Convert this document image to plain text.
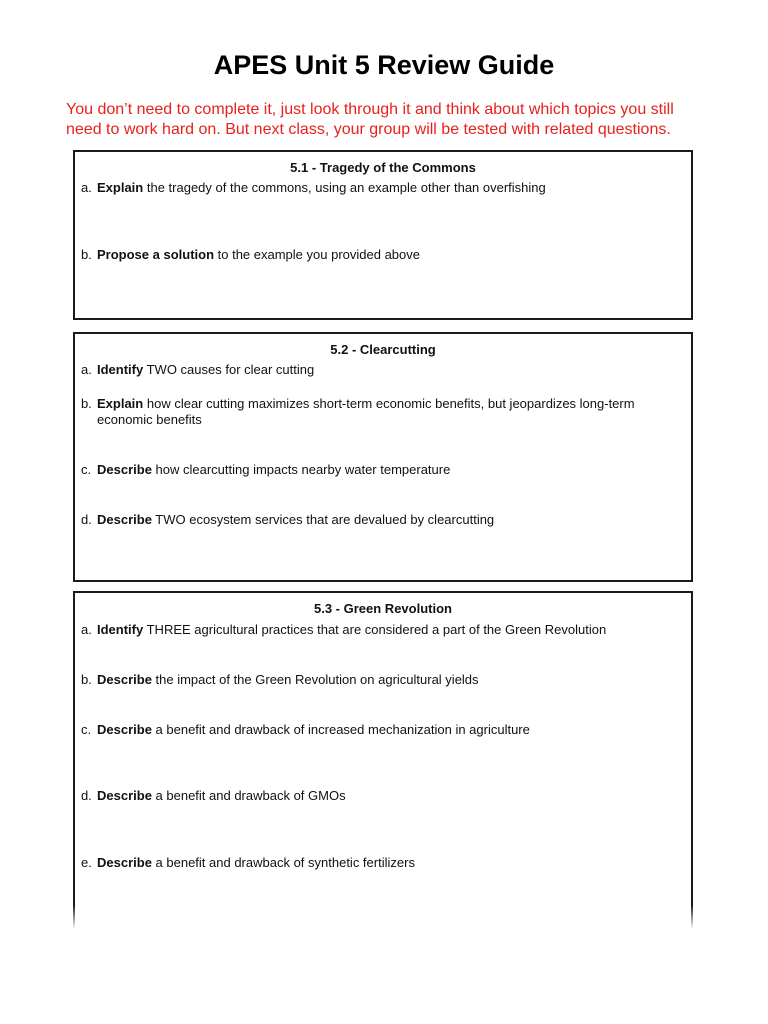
APES Unit 5 Review Guide
You don’t need to complete it, just look through it and think about which topics you still need to work hard on. But next class, your group will be tested with related questions.
5.1 - Tragedy of the Commons
a. Explain the tragedy of the commons, using an example other than overfishing
b. Propose a solution to the example you provided above
5.2 - Clearcutting
a. Identify TWO causes for clear cutting
b. Explain how clear cutting maximizes short-term economic benefits, but jeopardizes long-term
economic benefits
c. Describe how clearcutting impacts nearby water temperature
d. Describe TWO ecosystem services that are devalued by clearcutting
5.3 - Green Revolution
a. Identify THREE agricultural practices that are considered a part of the Green Revolution
b. Describe the impact of the Green Revolution on agricultural yields
c. Describe a benefit and drawback of increased mechanization in agriculture
d. Describe a benefit and drawback of GMOs
e. Describe a benefit and drawback of synthetic fertilizers
